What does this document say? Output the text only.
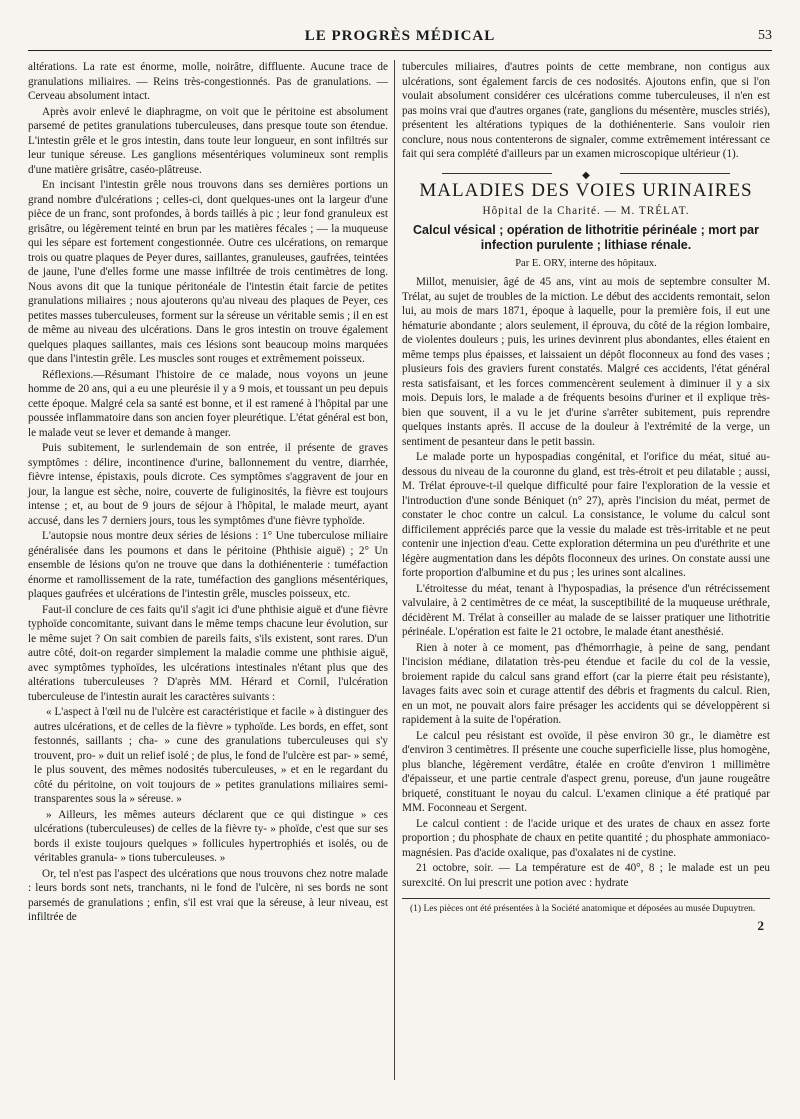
LE PROGRÈS MÉDICAL	53

altérations. La rate est énorme, molle, noirâtre, diffluente. Aucune trace de granulations miliaires. — Reins très-congestionnés. Pas de granulations. — Cerveau absolument intact.

Après avoir enlevé le diaphragme, on voit que le péritoine est absolument parsemé de petites granulations tuberculeuses, dans presque toute son étendue. L'intestin grêle et le gros intestin, dans toute leur longueur, en sont infiltrés sur leur tunique séreuse. Les ganglions mésentériques volumineux sont remplis d'une matière grisâtre, caséo-plâtreuse.

En incisant l'intestin grêle nous trouvons dans ses dernières portions un grand nombre d'ulcérations ; celles-ci, dont quelques-unes ont la largeur d'une pièce de un franc, sont profondes, à bords taillés à pic ; leur fond granuleux est grisâtre, ou légèrement teinté en brun par les matières fécales ; — la muqueuse qui les sépare est fortement congestionnée. Outre ces ulcérations, on remarque trois ou quatre plaques de Peyer dures, saillantes, granuleuses, gaufrées, teintées de jaune, l'une d'elles forme une masse infiltrée de trois centimètres de long. Nous avons dit que la tunique péritonéale de l'intestin était farcie de petites granulations miliaires ; nous ajouterons qu'au niveau des plaques de Peyer, ces petites masses tuberculeuses, forment sur la séreuse un véritable semis ; il en est de même au niveau des ulcérations. Dans le gros intestin on trouve également quelques plaques saillantes, mais ces lésions sont beaucoup moins marquées que dans l'intestin grêle. Les muscles sont rouges et extrêmement poisseux.

Réflexions.—Résumant l'histoire de ce malade, nous voyons un jeune homme de 20 ans, qui a eu une pleurésie il y a 9 mois, et toussant un peu depuis cette époque. Malgré cela sa santé est bonne, et il est ramené à l'hôpital par une poussée inflammatoire dans son ancien foyer pleurétique. L'état général est bon, le malade veut se lever et demande à manger.

Puis subitement, le surlendemain de son entrée, il présente de graves symptômes : délire, incontinence d'urine, ballonnement du ventre, diarrhée, fièvre intense, épistaxis, pouls dicrote. Ces symptômes s'aggravent de jour en jour, la langue est sèche, noire, couverte de fuliginosités, la fièvre est toujours intense ; et, au bout de 9 jours de séjour à l'hôpital, le malade meurt, ayant accusé, dans les 7 derniers jours, tous les symptômes d'une fièvre typhoïde.

L'autopsie nous montre deux séries de lésions : 1° Une tuberculose miliaire généralisée dans les poumons et dans le péritoine (Phthisie aiguë) ; 2° Un ensemble de lésions qu'on ne trouve que dans la dothiénenterie : tuméfaction énorme et ramollissement de la rate, tuméfaction des ganglions mésentériques, plaques gaufrées et ulcérations de l'intestin grêle, muscles poisseux, etc.

Faut-il conclure de ces faits qu'il s'agit ici d'une phthisie aiguë et d'une fièvre typhoïde concomitante, suivant dans le même temps chacune leur évolution, sur le même sujet ? On sait combien de pareils faits, s'ils existent, sont rares. D'un autre côté, doit-on regarder simplement la maladie comme une phthisie aiguë, avec symptômes typhoïdes, les ulcérations intestinales n'étant plus que des altérations tuberculeuses ? D'après MM. Hérard et Cornil, l'ulcération tuberculeuse de l'intestin aurait les caractères suivants :

« L'aspect à l'œil nu de l'ulcère est caractéristique et facile » à distinguer des autres ulcérations, et de celles de la fièvre » typhoïde. Les bords, en effet, sont festonnés, saillants ; cha- » cune des granulations tuberculeuses qui s'y trouvent, pro- » duit un relief isolé ; de plus, le fond de l'ulcère est par- » semé, le plus souvent, des mêmes nodosités tuberculeuses, » et en le regardant du côté du péritoine, on voit toujours de » petites granulations miliaires semi-transparentes sous la » séreuse. »

» Ailleurs, les mêmes auteurs déclarent que ce qui distingue » ces ulcérations (tuberculeuses) de celles de la fièvre ty- » phoïde, c'est que sur ses bords il existe toujours quelques » follicules hypertrophiés et isolés, ou de véritables granula- » tions tuberculeuses. »

Or, tel n'est pas l'aspect des ulcérations que nous trouvons chez notre malade : leurs bords sont nets, tranchants, ni le fond de l'ulcère, ni ses bords ne sont parsemés de granulations ; enfin, s'il est vrai que la séreuse, à leur niveau, est infiltrée de

tubercules miliaires, d'autres points de cette membrane, non contigus aux ulcérations, sont également farcis de ces nodosités. Ajoutons enfin, que si l'on voulait absolument considérer ces ulcérations comme tuberculeuses, il n'en est pas moins vrai que d'autres organes (rate, ganglions du mésentère, muscles striés), présentent les altérations typiques de la dothiénenterie. Sans vouloir rien conclure, nous nous contenterons de signaler, comme extrêmement intéressant ce fait qui sera complété d'ailleurs par un examen microscopique ultérieur (1).

◆
MALADIES DES VOIES URINAIRES
Hôpital de la Charité. — M. TRÉLAT.
Calcul vésical ; opération de lithotritie périnéale ; mort par infection purulente ; lithiase rénale.
Par E. ORY, interne des hôpitaux.

Millot, menuisier, âgé de 45 ans, vint au mois de septembre consulter M. Trélat, au sujet de troubles de la miction. Le début des accidents remontait, selon lui, au mois de mars 1871, époque à laquelle, pour la première fois, il eut une hématurie abondante ; alors seulement, il éprouva, du côté de la région lombaire, de violentes douleurs ; puis, les urines devinrent plus abondantes, elles étaient en même temps plus épaisses, et laissaient un dépôt floconneux au fond des vases ; plusieurs fois des graviers furent constatés. Malgré ces accidents, l'état général resta satisfaisant, et les forces commencèrent seulement à diminuer il y a six mois. Depuis lors, le malade a de fréquents besoins d'uriner et il explique très-bien que souvent, il a vu le jet d'urine s'arrêter subitement, puis reprendre quelques instants après. Il accuse de la douleur à l'extrémité de la verge, un sentiment de pesanteur dans le petit bassin.

Le malade porte un hypospadias congénital, et l'orifice du méat, situé au-dessous du niveau de la couronne du gland, est très-étroit et peu dilatable ; aussi, M. Trélat éprouve-t-il quelque difficulté pour faire l'exploration de la vessie et l'introduction d'une sonde Béniquet (n° 27), après l'incision du méat, permet de constater le choc contre un calcul. La consistance, le volume du calcul sont difficilement appréciés parce que la vessie du malade est très-irritable et ne peut contenir une injection d'eau. Cette exploration détermina un peu d'uréthrite et une légère augmentation dans les dépôts floconneux des urines. On constate aussi une forte proportion d'albumine et du pus ; les urines sont alcalines.

L'étroitesse du méat, tenant à l'hypospadias, la présence d'un rétrécissement valvulaire, à 2 centimètres de ce méat, la susceptibilité de la muqueuse uréthrale, décidèrent M. Trélat à conseiller au malade de se laisser pratiquer une lithotritie périnéale. L'opération est faite le 21 octobre, le malade étant anesthésié.

Rien à noter à ce moment, pas d'hémorrhagie, à peine de sang, pendant l'incision médiane, dilatation très-peu étendue et facile du col de la vessie, broiement rapide du calcul sans grand effort (car la pierre était peu résistante), lavages faits avec soin et curage attentif des débris et fragments du calcul. Rien, en un mot, ne pouvait alors faire présager les accidents qui se développèrent si rapidement à la suite de l'opération.

Le calcul peu résistant est ovoïde, il pèse environ 30 gr., le diamètre est d'environ 3 centimètres. Il présente une couche superficielle lisse, plus homogène, plus blanche, légèrement verdâtre, étalée en croûte d'environ 1 millimètre d'épaisseur, et une partie centrale d'aspect grenu, poreuse, d'un jaune rougeâtre briqueté, constituant le noyau du calcul. L'examen clinique a été pratiqué par MM. Foconneau et Sergent.

Le calcul contient : de l'acide urique et des urates de chaux en assez forte proportion ; du phosphate de chaux en petite quantité ; du phosphate ammoniaco-magnésien. Pas d'acide oxalique, pas d'oxalates ni de cystine.

21 octobre, soir. — La température est de 40°, 8 ; le malade est un peu surexcité. On lui prescrit une potion avec : hydrate

(1) Les pièces ont été présentées à la Société anatomique et déposées au musée Dupuytren.
2
